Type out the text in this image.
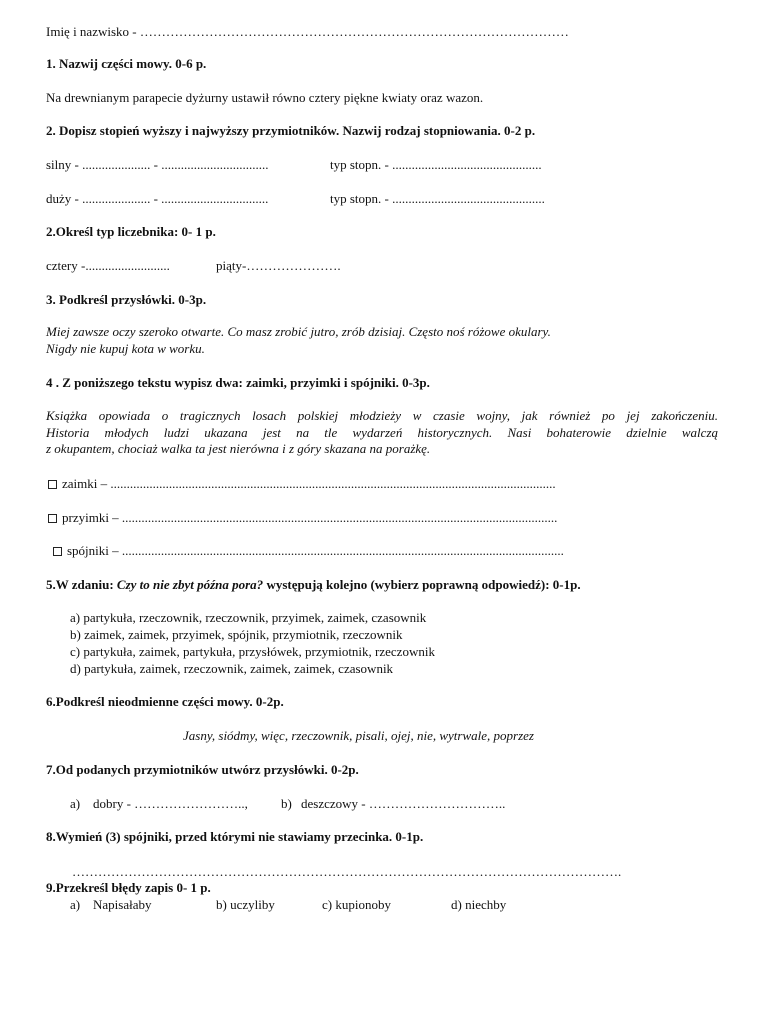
Imię i nazwisko - ………………………………………………………………………………………
1. Nazwij części mowy. 0-6 p.
Na drewnianym parapecie dyżurny ustawił równo cztery piękne kwiaty oraz wazon.
2. Dopisz stopień wyższy i najwyższy przymiotników. Nazwij rodzaj stopniowania. 0-2 p.
silny - ..................... - .................................	typ stopn. - ..............................................
duży - ..................... - .................................	typ stopn. - ...............................................
2.Określ typ liczebnika: 0- 1 p.
cztery -..........................	piąty-………………….
3. Podkreśl przysłówki. 0-3p.
Miej zawsze oczy szeroko otwarte. Co masz zrobić jutro, zrób dzisiaj. Często noś różowe okulary.
Nigdy nie kupuj kota w worku.
4 . Z poniższego tekstu wypisz dwa: zaimki, przyimki i spójniki. 0-3p.
Książka opowiada o tragicznych losach polskiej młodzieży w czasie wojny, jak również po jej zakończeniu.
Historia młodych ludzi ukazana jest na tle wydarzeń historycznych. Nasi bohaterowie dzielnie walczą
z okupantem, chociaż walka ta jest nierówna i z góry skazana na porażkę.
zaimki – .........................................................................................................................................
przyimki – ......................................................................................................................................
spójniki – ........................................................................................................................................
5.W zdaniu: Czy to nie zbyt późna pora? występują kolejno (wybierz poprawną odpowiedź): 0-1p.
a) partykuła, rzeczownik, rzeczownik, przyimek, zaimek, czasownik
b) zaimek, zaimek, przyimek, spójnik, przymiotnik, rzeczownik
c) partykuła, zaimek, partykuła, przysłówek, przymiotnik, rzeczownik
d) partykuła, zaimek, rzeczownik, zaimek, zaimek, czasownik
6.Podkreśl nieodmienne części mowy. 0-2p.
Jasny, siódmy, więc, rzeczownik, pisali, ojej, nie, wytrwale, poprzez
7.Od podanych przymiotników utwórz przysłówki. 0-2p.
a) dobry - ……………………..,	b) deszczowy - …………………………..
8.Wymień (3) spójniki, przed którymi nie stawiamy przecinka. 0-1p.
……………………………………………………………………………………………………………….
9.Przekreśl błędy zapis 0- 1 p.
a) Napisałaby	b) uczyliby	c) kupionoby	d) niechby
